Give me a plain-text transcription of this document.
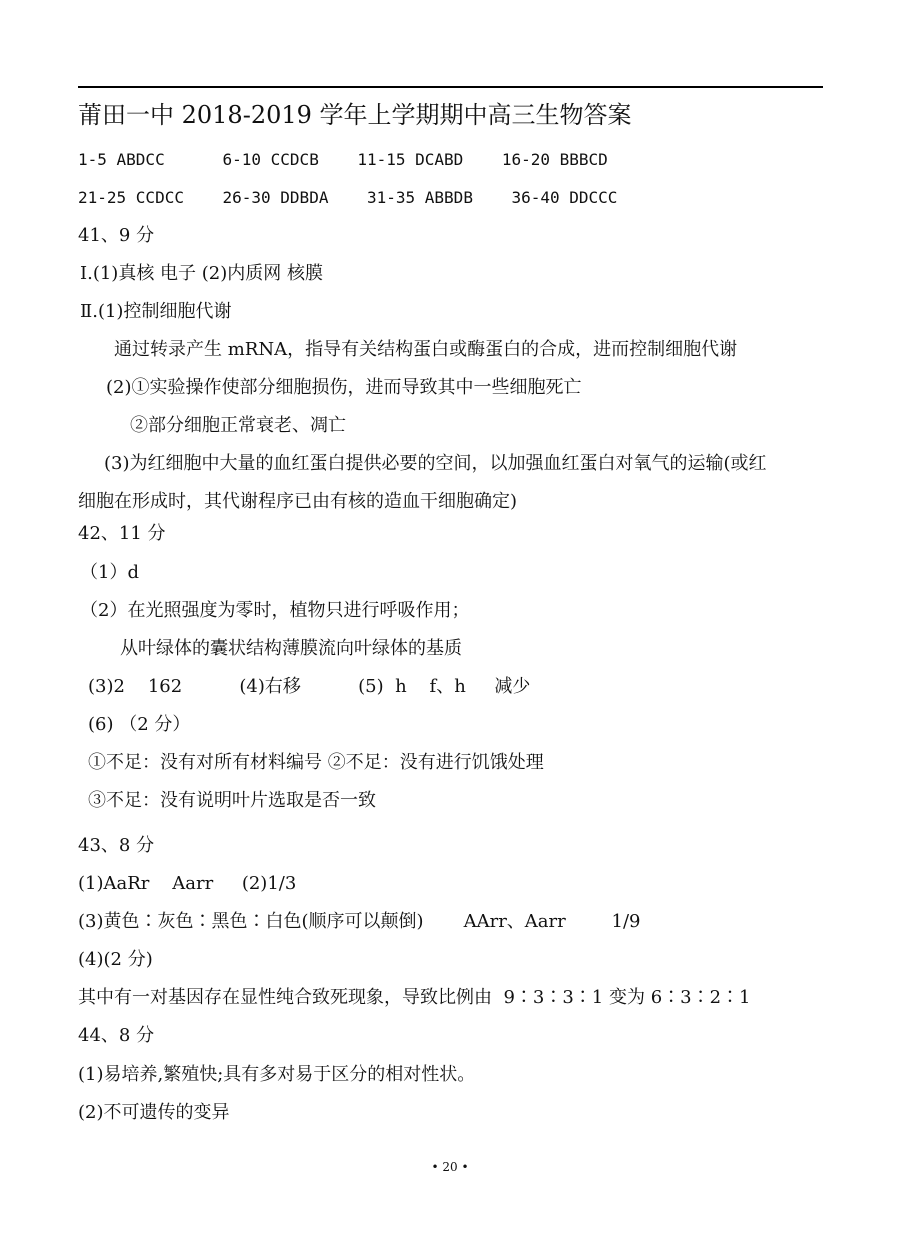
莆田一中 2018-2019 学年上学期期中高三生物答案
1-5 ABDCC      6-10 CCDCB    11-15 DCABD    16-20 BBBCD
21-25 CCDCC    26-30 DDBDA    31-35 ABBDB    36-40 DDCCC
41、9 分
Ⅰ.(1)真核 电子 (2)内质网 核膜
Ⅱ.(1)控制细胞代谢
通过转录产生 mRNA，指导有关结构蛋白或酶蛋白的合成，进而控制细胞代谢
(2)①实验操作使部分细胞损伤，进而导致其中一些细胞死亡
②部分细胞正常衰老、凋亡
(3)为红细胞中大量的血红蛋白提供必要的空间，以加强血红蛋白对氧气的运输(或红
细胞在形成时，其代谢程序已由有核的造血干细胞确定)
42、11 分
（1）d
（2）在光照强度为零时，植物只进行呼吸作用；
从叶绿体的囊状结构薄膜流向叶绿体的基质
(3)2    162          (4)右移          (5)  h    f、h     减少
(6) （2 分）
①不足：没有对所有材料编号 ②不足：没有进行饥饿处理
③不足：没有说明叶片选取是否一致
43、8 分
(1)AaRr    Aarr     (2)1/3
(3)黄色∶灰色∶黑色∶白色(顺序可以颠倒)       AArr、Aarr        1/9
(4)(2 分)
其中有一对基因存在显性纯合致死现象，导致比例由  9∶3∶3∶1 变为 6∶3∶2∶1
44、8 分
(1)易培养,繁殖快;具有多对易于区分的相对性状。
(2)不可遗传的变异
• 20 •
